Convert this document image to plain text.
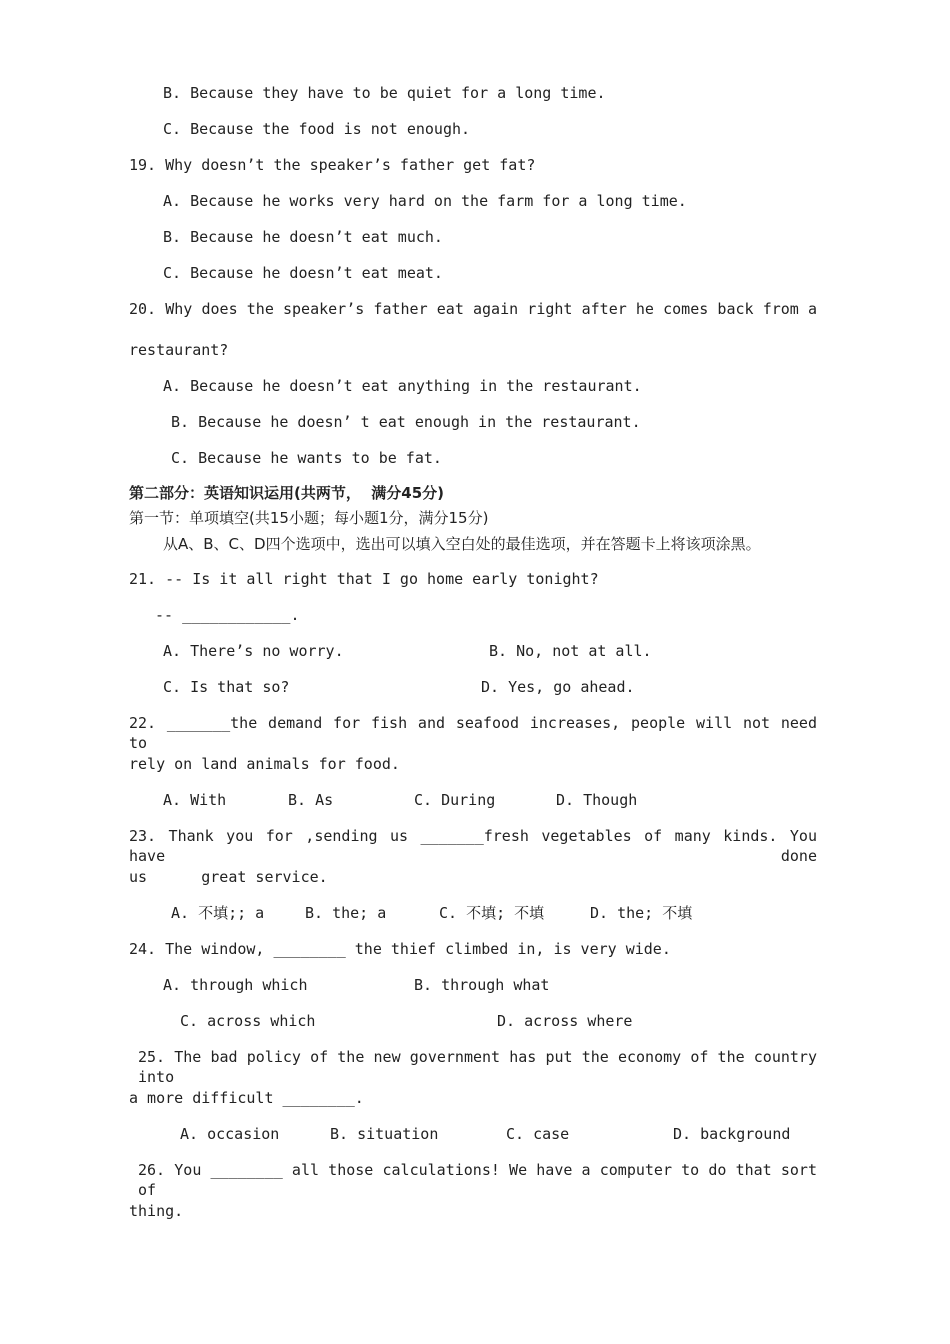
B. Because they have to be quiet for a long time.
C. Because the food is not enough.
19. Why doesn’t the speaker’s father get fat?
A. Because he works very hard on the farm for a long time.
B. Because he doesn’t eat much.
C. Because he doesn’t eat meat.
20. Why does the speaker’s father eat again right after he comes back from a
restaurant?
A. Because he doesn’t eat anything in the restaurant.
B. Because he doesn’ t eat enough in the restaurant.
C. Because he wants to be fat.
第二部分：英语知识运用(共两节，  满分45分)
第一节：单项填空(共15小题；每小题1分，满分15分)
从A、B、C、D四个选项中，选出可以填入空白处的最佳选项，并在答题卡上将该项涂黑。
21. -- Is it all right that I go home early tonight?
-- ____________.
A. There’s no worry.	B. No, not at all.
C. Is that so?	D. Yes, go ahead.
22. _______the demand for fish and seafood increases, people will not need to
rely on land animals for food.
A. With	B. As	C. During	D. Though
23. Thank you for ,sending us _______fresh vegetables of many kinds. You have done
us      great service.
A. 不填;; a	B. the; a	C. 不填; 不填	D. the; 不填
24. The window, ________ the thief climbed in, is very wide.
A. through which	B. through what
C. across which	D. across where
25. The bad policy of the new government has put the economy of the country into
a more difficult ________.
A. occasion	B. situation	C. case	D. background
26. You ________ all those calculations! We have a computer to do that sort of
thing.
